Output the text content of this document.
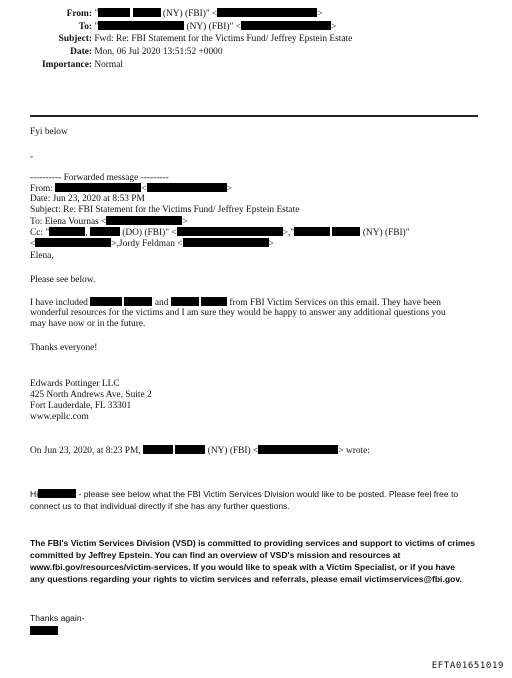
From: "	(NY) (FBI)" <	>
To: "	(NY) (FBI)" <	>
Subject: Fwd: Re: FBI Statement for the Victims Fund/ Jeffrey Epstein Estate
Date: Mon, 06 Jul 2020 13:51:52 +0000
Importance: Normal
Fyi below
-
---------- Forwarded message ---------
From:	<	>
Date: Jun 23, 2020 at 8:53 PM
Subject: Re: FBI Statement for the Victims Fund/ Jeffrey Epstein Estate
To: Elena Vournas <	>
Cc: "	,	(DO) (FBI)" <	>,"	(NY) (FBI)"
<	>,Jordy Feldman <	>
Elena,
Please see below.
I have included	and	from FBI Victim Services on this email. They have been
wonderful resources for the victims and I am sure they would be happy to answer any additional questions you
may have now or in the future.
Thanks everyone!
Edwards Pottinger LLC
425 North Andrews Ave, Suite 2
Fort Lauderdale, FL 33301
www.epllc.com
On Jun 23, 2020, at 8:23 PM,	(NY) (FBI) <	> wrote:
Hi	- please see below what the FBI Victim Services Division would like to be posted. Please feel free to
connect us to that individual directly if she has any further questions.
The FBI's Victim Services Division (VSD) is committed to providing services and support to victims of crimes
committed by Jeffrey Epstein. You can find an overview of VSD's mission and resources at
www.fbi.gov/resources/victim-services. If you would like to speak with a Victim Specialist, or if you have
any questions regarding your rights to victim services and referrals, please email victimservices@fbi.gov.
Thanks again-
EFTA01651019
